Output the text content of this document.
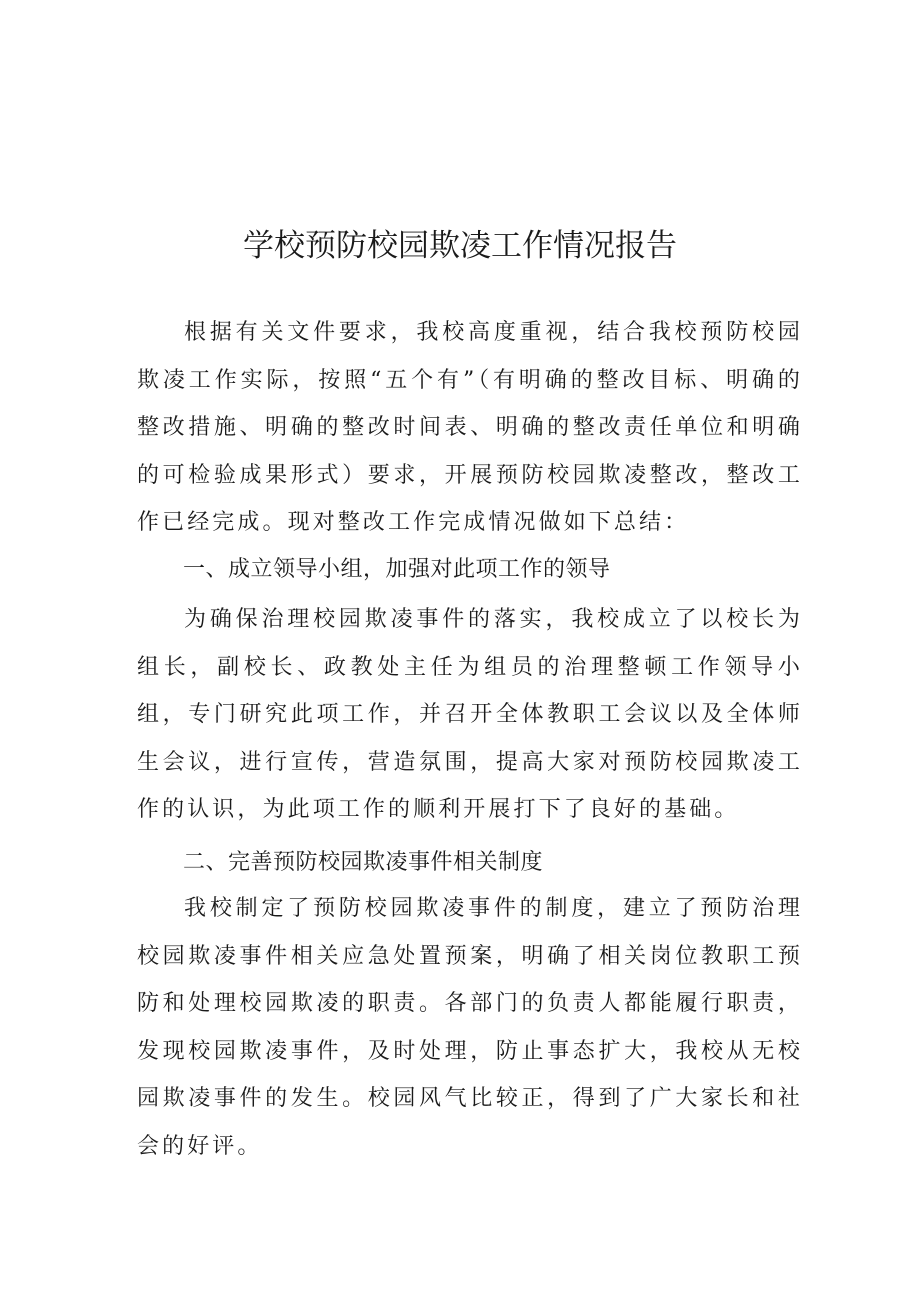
学校预防校园欺凌工作情况报告

根据有关文件要求，我校高度重视，结合我校预防校园欺凌工作实际，按照“五个有”（有明确的整改目标、明确的整改措施、明确的整改时间表、明确的整改责任单位和明确的可检验成果形式）要求，开展预防校园欺凌整改，整改工作已经完成。现对整改工作完成情况做如下总结：

一、成立领导小组，加强对此项工作的领导

为确保治理校园欺凌事件的落实，我校成立了以校长为组长，副校长、政教处主任为组员的治理整顿工作领导小组，专门研究此项工作，并召开全体教职工会议以及全体师生会议，进行宣传，营造氛围，提高大家对预防校园欺凌工作的认识，为此项工作的顺利开展打下了良好的基础。

二、完善预防校园欺凌事件相关制度

我校制定了预防校园欺凌事件的制度，建立了预防治理校园欺凌事件相关应急处置预案，明确了相关岗位教职工预防和处理校园欺凌的职责。各部门的负责人都能履行职责，发现校园欺凌事件，及时处理，防止事态扩大，我校从无校园欺凌事件的发生。校园风气比较正，得到了广大家长和社会的好评。
